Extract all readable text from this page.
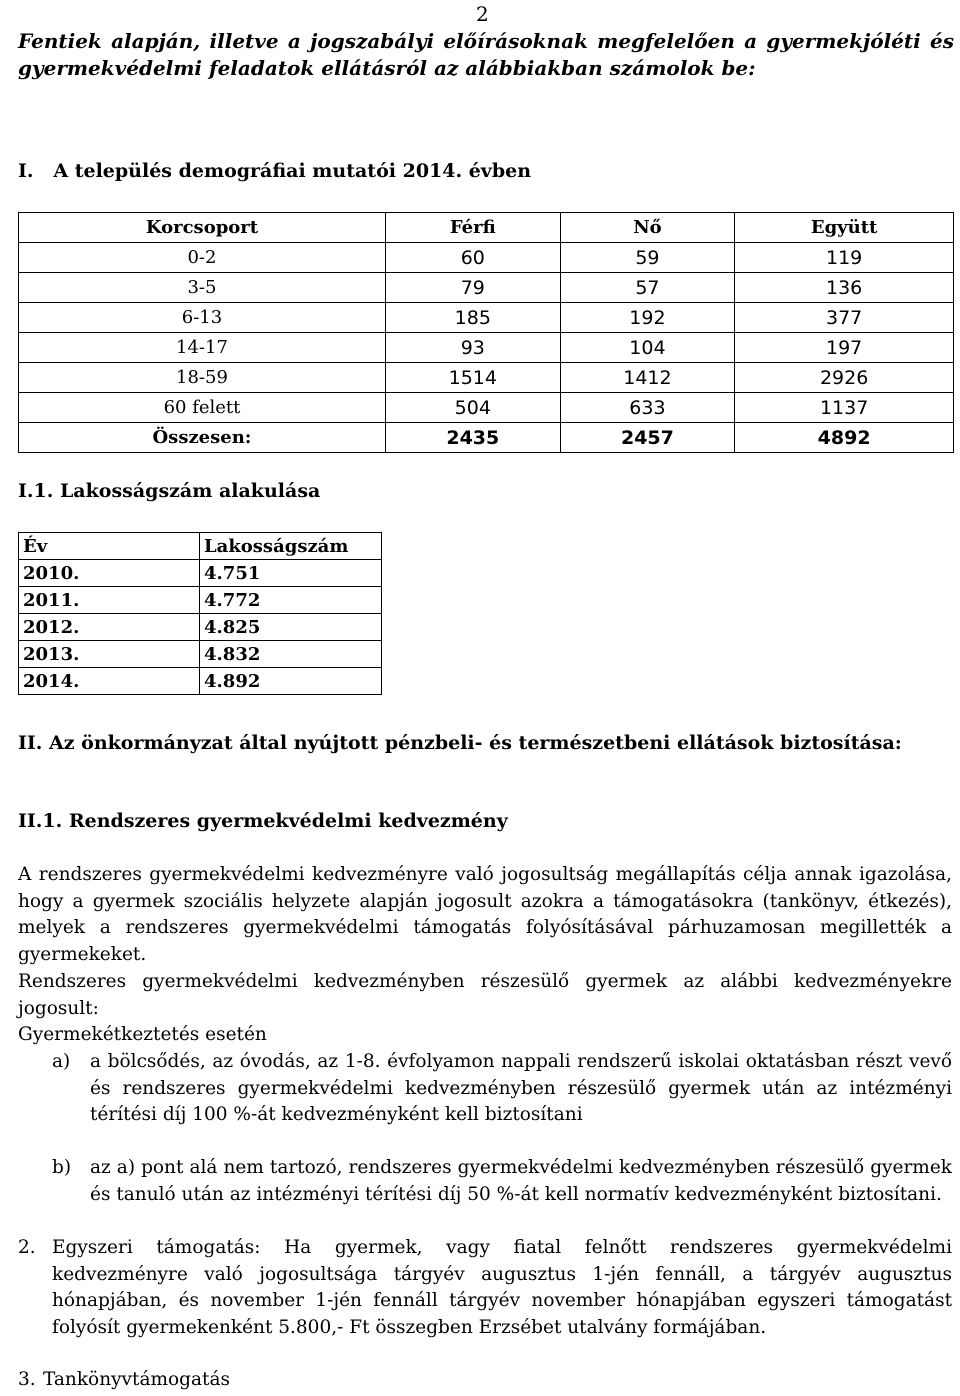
2
Fentiek alapján, illetve a jogszabályi előírásoknak megfelelően a gyermekjóléti és gyermekvédelmi feladatok ellátásról az alábbiakban számolok be:
I.   A település demográfiai mutatói 2014. évben
Korcsoport	Férfi	Nő	Együtt
0-2	60	59	119
3-5	79	57	136
6-13	185	192	377
14-17	93	104	197
18-59	1514	1412	2926
60 felett	504	633	1137
Összesen:	2435	2457	4892
I.1. Lakosságszám alakulása
Év	Lakosságszám
2010.	4.751
2011.	4.772
2012.	4.825
2013.	4.832
2014.	4.892
II. Az önkormányzat által nyújtott pénzbeli- és természetbeni ellátások biztosítása:
II.1. Rendszeres gyermekvédelmi kedvezmény
A rendszeres gyermekvédelmi kedvezményre való jogosultság megállapítás célja annak igazolása, hogy a gyermek szociális helyzete alapján jogosult azokra a támogatásokra (tankönyv, étkezés), melyek a rendszeres gyermekvédelmi támogatás folyósításával párhuzamosan megillették a gyermekeket.
Rendszeres gyermekvédelmi kedvezményben részesülő gyermek az alábbi kedvezményekre jogosult:
Gyermekétkeztetés esetén
a) a bölcsődés, az óvodás, az 1-8. évfolyamon nappali rendszerű iskolai oktatásban részt vevő és rendszeres gyermekvédelmi kedvezményben részesülő gyermek után az intézményi térítési díj 100 %-át kedvezményként kell biztosítani
b) az a) pont alá nem tartozó, rendszeres gyermekvédelmi kedvezményben részesülő gyermek és tanuló után az intézményi térítési díj 50 %-át kell normatív kedvezményként biztosítani.
2. Egyszeri támogatás: Ha gyermek, vagy fiatal felnőtt rendszeres gyermekvédelmi kedvezményre való jogosultsága tárgyév augusztus 1-jén fennáll, a tárgyév augusztus hónapjában, és november 1-jén fennáll tárgyév november hónapjában egyszeri támogatást folyósít gyermekenként 5.800,- Ft összegben Erzsébet utalvány formájában.
3. Tankönyvtámogatás
